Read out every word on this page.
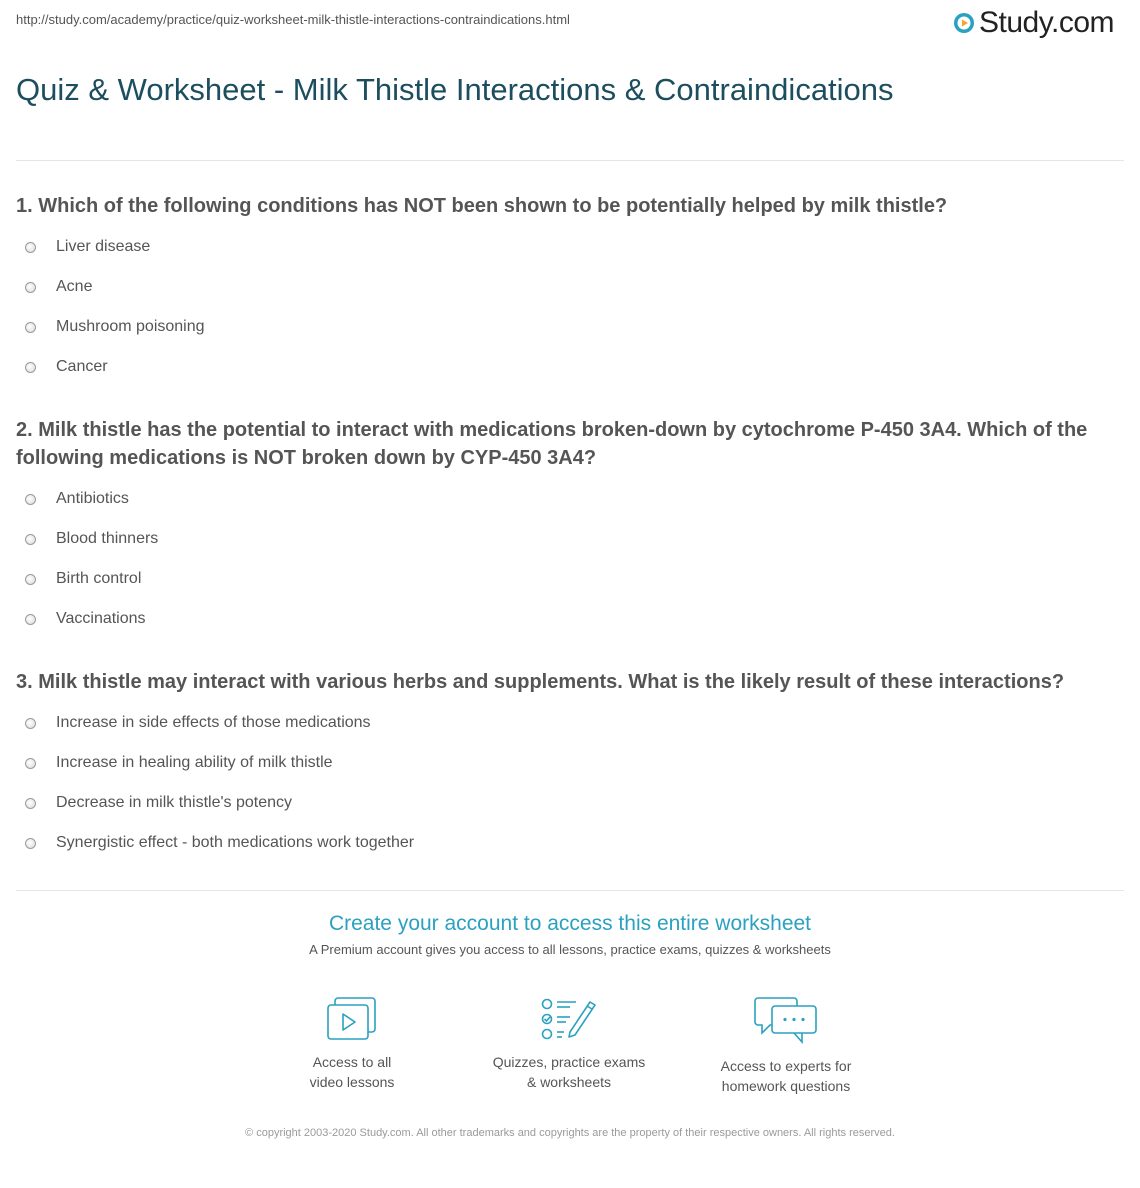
http://study.com/academy/practice/quiz-worksheet-milk-thistle-interactions-contraindications.html	Study.com
Quiz & Worksheet - Milk Thistle Interactions & Contraindications

1. Which of the following conditions has NOT been shown to be potentially helped by milk thistle?

Liver disease
Acne
Mushroom poisoning
Cancer

2. Milk thistle has the potential to interact with medications broken-down by cytochrome P-450 3A4. Which of the following medications is NOT broken down by CYP-450 3A4?

Antibiotics
Blood thinners
Birth control
Vaccinations

3. Milk thistle may interact with various herbs and supplements. What is the likely result of these interactions?

Increase in side effects of those medications
Increase in healing ability of milk thistle
Decrease in milk thistle's potency
Synergistic effect - both medications work together
Create your account to access this entire worksheet
A Premium account gives you access to all lessons, practice exams, quizzes & worksheets
Access to all
video lessons
Quizzes, practice exams
& worksheets
Access to experts for
homework questions
© copyright 2003-2020 Study.com. All other trademarks and copyrights are the property of their respective owners. All rights reserved.
